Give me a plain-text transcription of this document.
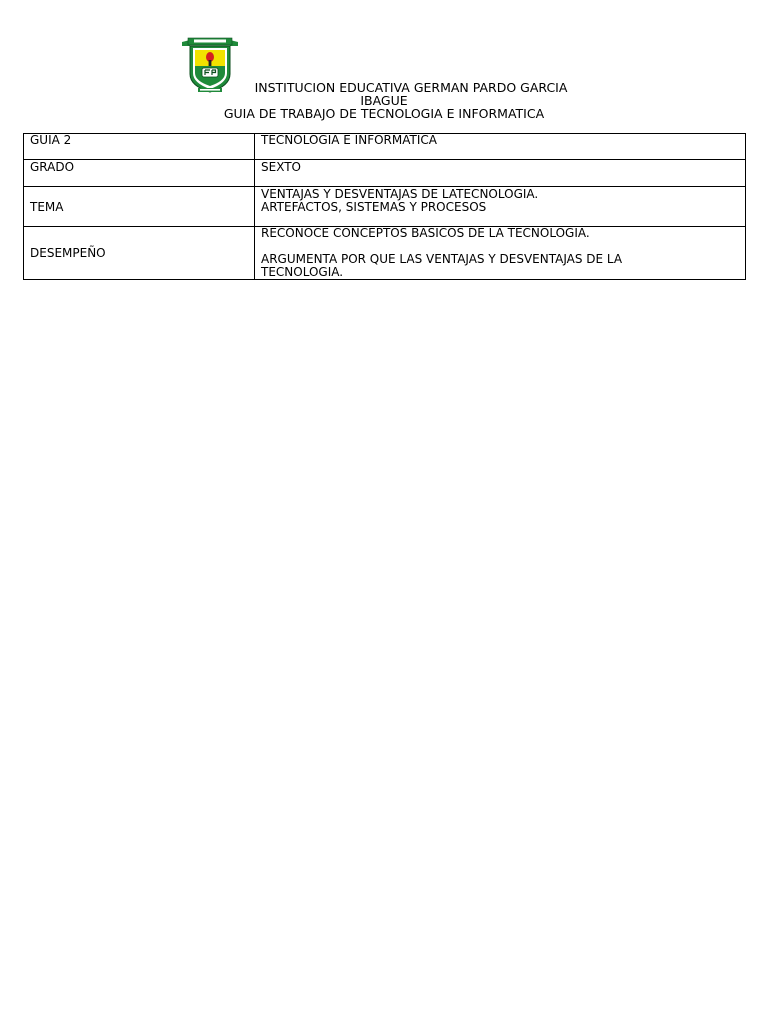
INSTITUCION EDUCATIVA GERMAN PARDO GARCIA
IBAGUE
GUIA DE TRABAJO DE TECNOLOGIA E INFORMATICA
GUIA 2	TECNOLOGIA E INFORMATICA
GRADO	SEXTO
TEMA	VENTAJAS Y DESVENTAJAS DE LATECNOLOGIA.
ARTEFACTOS, SISTEMAS Y PROCESOS

DESEMPEÑO	RECONOCE CONCEPTOS BASICOS DE LA TECNOLOGIA.
ARGUMENTA POR QUE LAS VENTAJAS Y DESVENTAJAS DE LA
TECNOLOGIA.
